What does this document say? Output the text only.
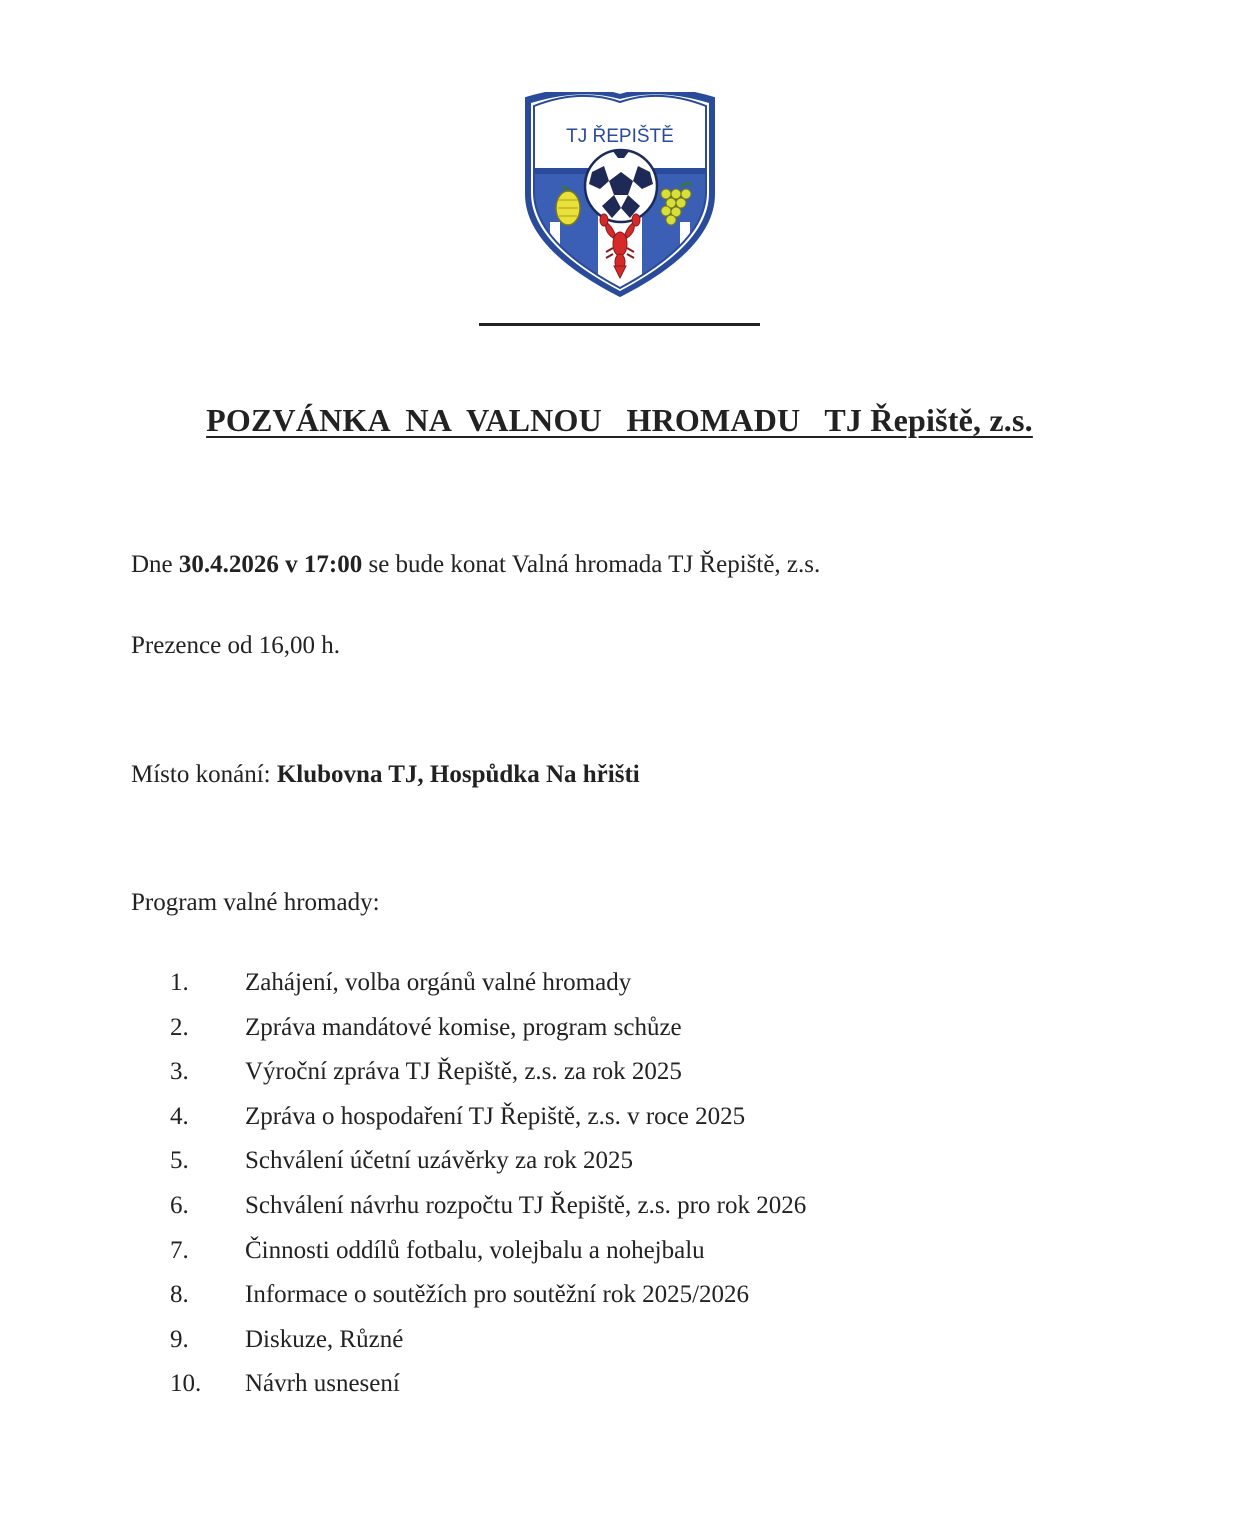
TJ ŘEPIŠTĚ
POZVÁNKA  NA  VALNOU   HROMADU   TJ Řepiště, z.s.
Dne 30.4.2026 v 17:00 se bude konat Valná hromada TJ Řepiště, z.s.
Prezence od 16,00 h.
Místo konání: Klubovna TJ, Hospůdka Na hřišti
Program valné hromady:
1. Zahájení, volba orgánů valné hromady
2. Zpráva mandátové komise, program schůze
3. Výroční zpráva TJ Řepiště, z.s. za rok 2025
4. Zpráva o hospodaření TJ Řepiště, z.s. v roce 2025
5. Schválení účetní uzávěrky za rok 2025
6. Schválení návrhu rozpočtu TJ Řepiště, z.s. pro rok 2026
7. Činnosti oddílů fotbalu, volejbalu a nohejbalu
8. Informace o soutěžích pro soutěžní rok 2025/2026
9. Diskuze, Různé
10. Návrh usnesení
